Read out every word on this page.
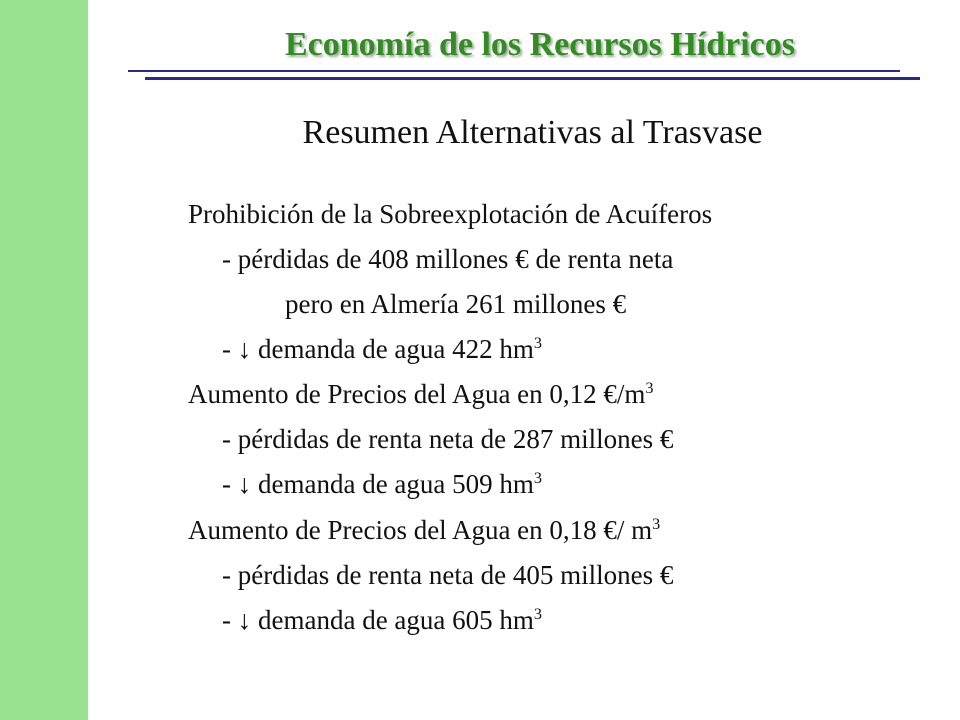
Economía de los Recursos Hídricos
Resumen Alternativas al Trasvase
Prohibición de la Sobreexplotación de Acuíferos
- pérdidas de 408 millones € de renta neta
pero en Almería 261 millones €
- ↓ demanda de agua 422 $hm^3$
Aumento de Precios del Agua en 0,12 $€/m^3$
- pérdidas de renta neta de 287 millones €
- ↓ demanda de agua 509 $hm^3$
Aumento de Precios del Agua en 0,18 €/ $m^3$
- pérdidas de renta neta de 405 millones €
- ↓ demanda de agua 605 $hm^3$
